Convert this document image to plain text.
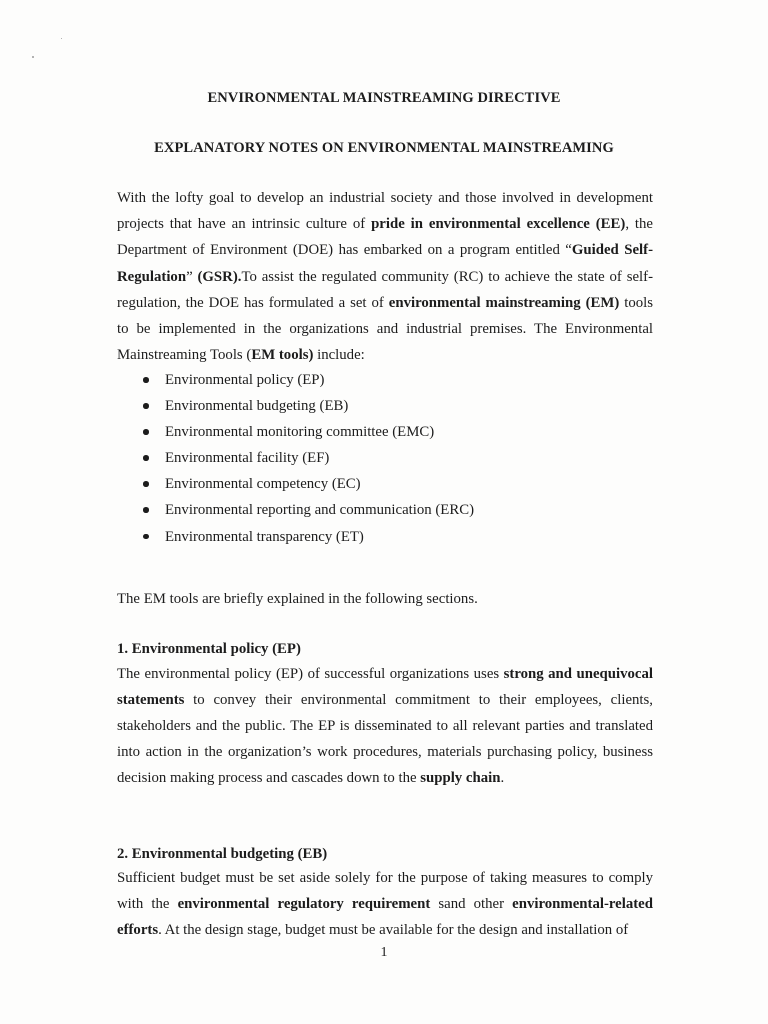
ENVIRONMENTAL MAINSTREAMING DIRECTIVE
EXPLANATORY NOTES ON ENVIRONMENTAL MAINSTREAMING

With the lofty goal to develop an industrial society and those involved in development projects that have an intrinsic culture of pride in environmental excellence (EE), the Department of Environment (DOE) has embarked on a program entitled “Guided Self-Regulation” (GSR).To assist the regulated community (RC) to achieve the state of self-regulation, the DOE has formulated a set of environmental mainstreaming (EM) tools to be implemented in the organizations and industrial premises. The Environmental Mainstreaming Tools (EM tools) include:

Environmental policy (EP)
Environmental budgeting (EB)
Environmental monitoring committee (EMC)
Environmental facility (EF)
Environmental competency (EC)
Environmental reporting and communication (ERC)
Environmental transparency (ET)
The EM tools are briefly explained in the following sections.
1. Environmental policy (EP)

The environmental policy (EP) of successful organizations uses strong and unequivocal statements to convey their environmental commitment to their employees, clients, stakeholders and the public. The EP is disseminated to all relevant parties and translated into action in the organization’s work procedures, materials purchasing policy, business decision making process and cascades down to the supply chain.

2. Environmental budgeting (EB)

Sufficient budget must be set aside solely for the purpose of taking measures to comply with the environmental regulatory requirement sand other environmental-related efforts. At the design stage, budget must be available for the design and installation of

1
